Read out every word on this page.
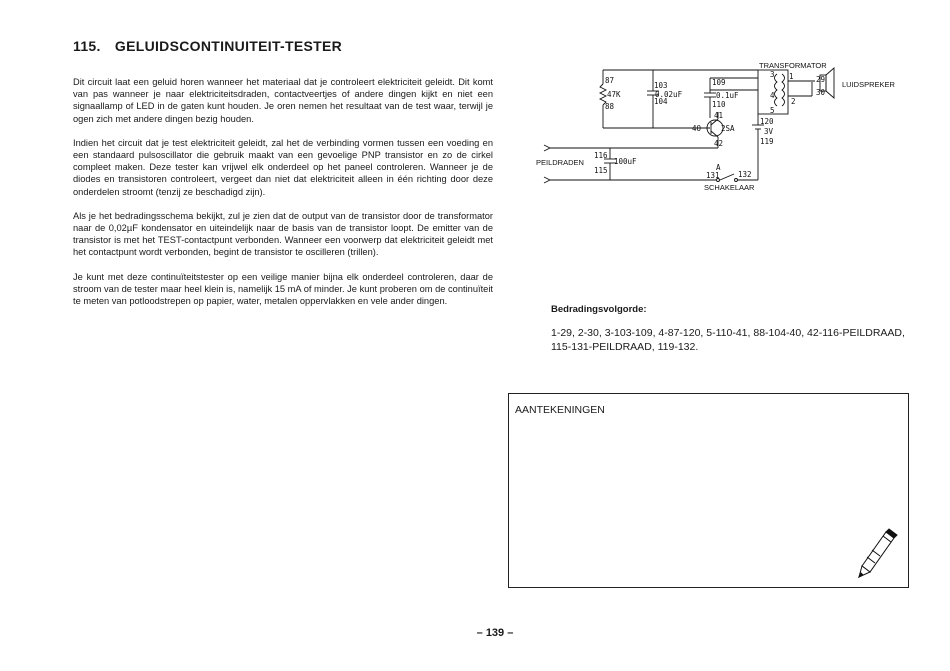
115. GELUIDSCONTINUITEIT-TESTER

Dit circuit laat een geluid horen wanneer het materiaal dat je controleert elektriciteit geleidt. Dit komt van pas wanneer je naar elektriciteitsdraden, contactveertjes of andere dingen kijkt en niet een signaallamp of LED in de gaten kunt houden. Je oren nemen het resultaat van de test waar, terwijl je ogen zich met andere dingen bezig houden.

Indien het circuit dat je test elektriciteit geleidt, zal het de verbinding vormen tussen een voeding en een standaard pulsoscillator die gebruik maakt van een gevoelige PNP transistor en zo de cirkel compleet maken. Deze tester kan vrijwel elk onderdeel op het paneel controleren. Wanneer je de diodes en transistoren controleert, vergeet dan niet dat elektriciteit alleen in één richting door deze onderdelen stroomt (tenzij ze beschadigd zijn).

Als je het bedradingsschema bekijkt, zul je zien dat de output van de transistor door de transformator naar de 0,02µF kondensator en uiteindelijk naar de basis van de transistor loopt. De emitter van de transistor is met het TEST-contactpunt verbonden. Wanneer een voorwerp dat elektriciteit geleidt met het contactpunt wordt verbonden, begint de transistor te oscilleren (trillen).

Je kunt met deze continuïteitstester op een veilige manier bijna elk onderdeel controleren, daar de stroom van de tester maar heel klein is, namelijk 15 mA of minder. Je kunt proberen om de continuïteit te meten van potloodstrepen op papier, water, metalen oppervlakken en vele ander dingen.

TRANSFORMATOR
LUIDSPREKER
PEILDRADEN
SCHAKELAAR
87
47K
88
103
0.02uF
104
109
0.1uF
110
40
41
2SA
42
120
3V
119
116
100uF
115	A
131 132
1
2
3
4
5
29
30
Bedradingsvolgorde:
1-29, 2-30, 3-103-109, 4-87-120, 5-110-41, 88-104-40, 42-116-PEILDRAAD, 115-131-PEILDRAAD, 119-132.
AANTEKENINGEN
– 139 –
